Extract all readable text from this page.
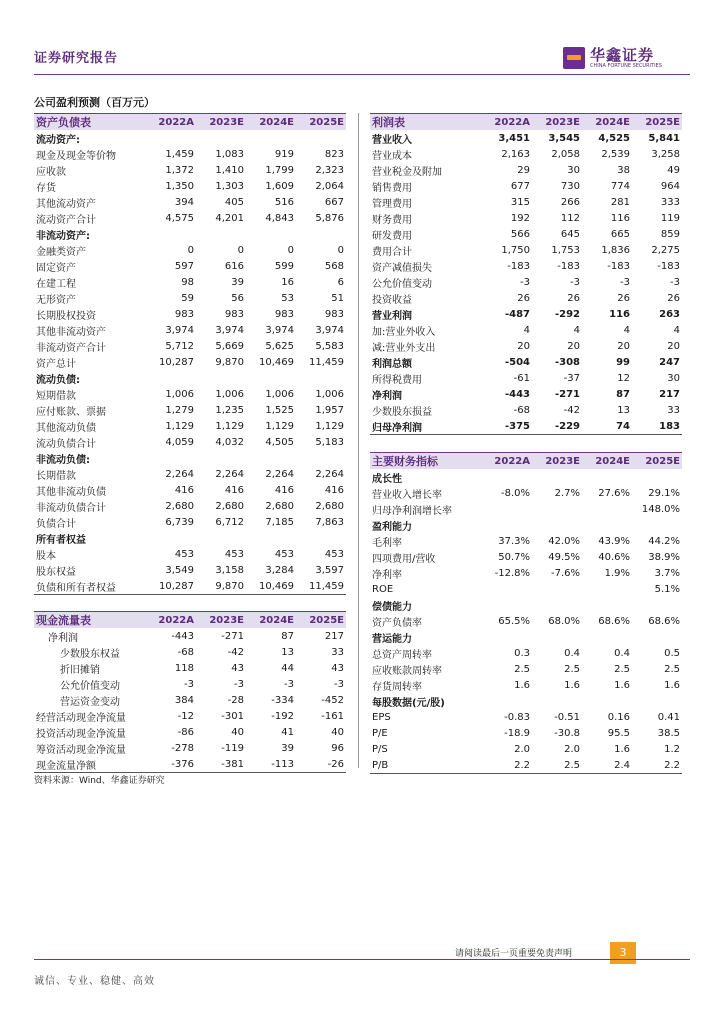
证券研究报告	华鑫证券
CHINA FORTUNE SECURITIES
公司盈利预测（百万元）
资产负债表	2022A	2023E	2024E	2025E
流动资产:				
现金及现金等价物	1,459	1,083	919	823
应收款	1,372	1,410	1,799	2,323
存货	1,350	1,303	1,609	2,064
其他流动资产	394	405	516	667
流动资产合计	4,575	4,201	4,843	5,876
非流动资产:				
金融类资产	0	0	0	0
固定资产	597	616	599	568
在建工程	98	39	16	6
无形资产	59	56	53	51
长期股权投资	983	983	983	983
其他非流动资产	3,974	3,974	3,974	3,974
非流动资产合计	5,712	5,669	5,625	5,583
资产总计	10,287	9,870	10,469	11,459
流动负债:				
短期借款	1,006	1,006	1,006	1,006
应付账款、票据	1,279	1,235	1,525	1,957
其他流动负债	1,129	1,129	1,129	1,129
流动负债合计	4,059	4,032	4,505	5,183
非流动负债:				
长期借款	2,264	2,264	2,264	2,264
其他非流动负债	416	416	416	416
非流动负债合计	2,680	2,680	2,680	2,680
负债合计	6,739	6,712	7,185	7,863
所有者权益				
股本	453	453	453	453
股东权益	3,549	3,158	3,284	3,597
负债和所有者权益	10,287	9,870	10,469	11,459
利润表	2022A	2023E	2024E	2025E
营业收入	3,451	3,545	4,525	5,841
营业成本	2,163	2,058	2,539	3,258
营业税金及附加	29	30	38	49
销售费用	677	730	774	964
管理费用	315	266	281	333
财务费用	192	112	116	119
研发费用	566	645	665	859
费用合计	1,750	1,753	1,836	2,275
资产减值损失	-183	-183	-183	-183
公允价值变动	-3	-3	-3	-3
投资收益	26	26	26	26
营业利润	-487	-292	116	263
加:营业外收入	4	4	4	4
减:营业外支出	20	20	20	20
利润总额	-504	-308	99	247
所得税费用	-61	-37	12	30
净利润	-443	-271	87	217
少数股东损益	-68	-42	13	33
归母净利润	-375	-229	74	183
主要财务指标	2022A	2023E	2024E	2025E
成长性				
营业收入增长率	-8.0%	2.7%	27.6%	29.1%
归母净利润增长率				148.0%
盈利能力				
毛利率	37.3%	42.0%	43.9%	44.2%
四项费用/营收	50.7%	49.5%	40.6%	38.9%
净利率	-12.8%	-7.6%	1.9%	3.7%
ROE				5.1%
偿债能力				
资产负债率	65.5%	68.0%	68.6%	68.6%
营运能力				
总资产周转率	0.3	0.4	0.4	0.5
应收账款周转率	2.5	2.5	2.5	2.5
存货周转率	1.6	1.6	1.6	1.6
每股数据(元/股)				
EPS	-0.83	-0.51	0.16	0.41
P/E	-18.9	-30.8	95.5	38.5
P/S	2.0	2.0	1.6	1.2
P/B	2.2	2.5	2.4	2.2
现金流量表	2022A	2023E	2024E	2025E
净利润	-443	-271	87	217
少数股东权益	-68	-42	13	33
折旧摊销	118	43	44	43
公允价值变动	-3	-3	-3	-3
营运资金变动	384	-28	-334	-452
经营活动现金净流量	-12	-301	-192	-161
投资活动现金净流量	-86	40	41	40
筹资活动现金净流量	-278	-119	39	96
现金流量净额	-376	-381	-113	-26
资料来源：Wind、华鑫证券研究
请阅读最后一页重要免责声明	3
诚信、专业、稳健、高效
